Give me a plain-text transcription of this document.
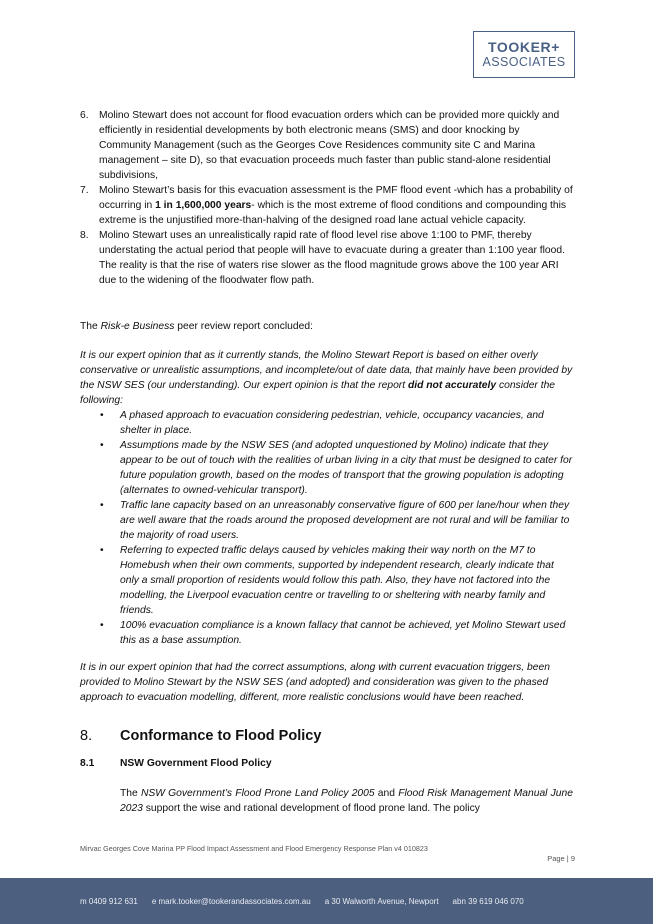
TOOKER+
ASSOCIATES
6. Molino Stewart does not account for flood evacuation orders which can be provided more quickly and efficiently in residential developments by both electronic means (SMS) and door knocking by Community Management (such as the Georges Cove Residences community site C and Marina management – site D), so that evacuation proceeds much faster than public stand-alone residential subdivisions,
7. Molino Stewart’s basis for this evacuation assessment is the PMF flood event -which has a probability of occurring in 1 in 1,600,000 years- which is the most extreme of flood conditions and compounding this extreme is the unjustified more-than-halving of the designed road lane actual vehicle capacity.
8. Molino Stewart uses an unrealistically rapid rate of flood level rise above 1:100 to PMF, thereby understating the actual period that people will have to evacuate during a greater than 1:100 year flood. The reality is that the rise of waters rise slower as the flood magnitude grows above the 100 year ARI due to the widening of the floodwater flow path.

The Risk-e Business peer review report concluded:

It is our expert opinion that as it currently stands, the Molino Stewart Report is based on either overly conservative or unrealistic assumptions, and incomplete/out of date data, that mainly have been provided by the NSW SES (our understanding). Our expert opinion is that the report did not accurately consider the following:

• A phased approach to evacuation considering pedestrian, vehicle, occupancy vacancies, and shelter in place.
• Assumptions made by the NSW SES (and adopted unquestioned by Molino) indicate that they appear to be out of touch with the realities of urban living in a city that must be designed to cater for future population growth, based on the modes of transport that the growing population is adopting (alternates to owned-vehicular transport).
• Traffic lane capacity based on an unreasonably conservative figure of 600 per lane/hour when they are well aware that the roads around the proposed development are not rural and will be familiar to the majority of road users.
• Referring to expected traffic delays caused by vehicles making their way north on the M7 to Homebush when their own comments, supported by independent research, clearly indicate that only a small proportion of residents would follow this path. Also, they have not factored into the modelling, the Liverpool evacuation centre or travelling to or sheltering with nearby family and friends.
• 100% evacuation compliance is a known fallacy that cannot be achieved, yet Molino Stewart used this as a base assumption.

It is in our expert opinion that had the correct assumptions, along with current evacuation triggers, been provided to Molino Stewart by the NSW SES (and adopted) and consideration was given to the phased approach to evacuation modelling, different, more realistic conclusions would have been reached.

8.	Conformance to Flood Policy
8.1	NSW Government Flood Policy

The NSW Government’s Flood Prone Land Policy 2005 and Flood Risk Management Manual June 2023 support the wise and rational development of flood prone land. The policy

Mirvac Georges Cove Marina PP Flood Impact Assessment and Flood Emergency Response Plan v4 010823
Page | 9
m 0409 912 631 e mark.tooker@tookerandassociates.com.au a 30 Walworth Avenue, Newport abn 39 619 046 070
